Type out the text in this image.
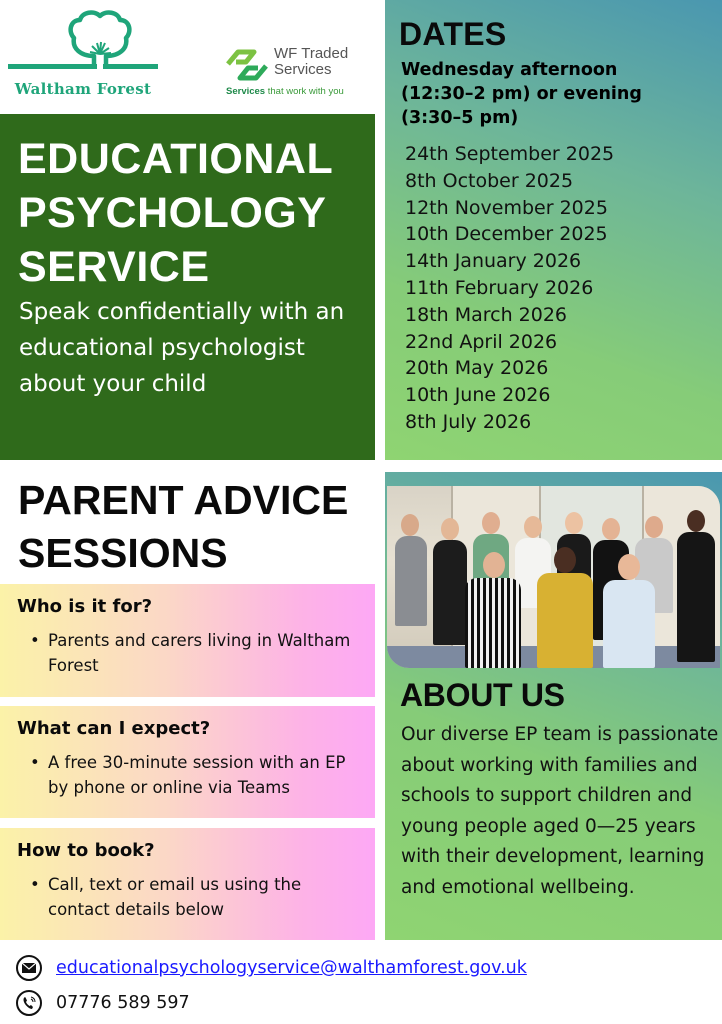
Waltham Forest
WF Traded
Services
Services that work with you
EDUCATIONAL
PSYCHOLOGY
SERVICE

Speak confidentially with an educational psychologist about your child

DATES
Wednesday afternoon
(12:30–2 pm) or evening
(3:30–5 pm)
24th September 2025
8th October 2025
12th November 2025
10th December 2025
14th January 2026
11th February 2026
18th March 2026
22nd April 2026
20th May 2026
10th June 2026
8th July 2026
PARENT ADVICE
SESSIONS
Who is it for?
• Parents and carers living in Waltham Forest
What can I expect?
• A free 30-minute session with an EP by phone or online via Teams
How to book?
• Call, text or email us using the contact details below
ABOUT US

Our diverse EP team is passionate about working with families and schools to support children and young people aged 0—25 years with their development, learning and emotional wellbeing.

educationalpsychologyservice@walthamforest.gov.uk
07776 589 597
